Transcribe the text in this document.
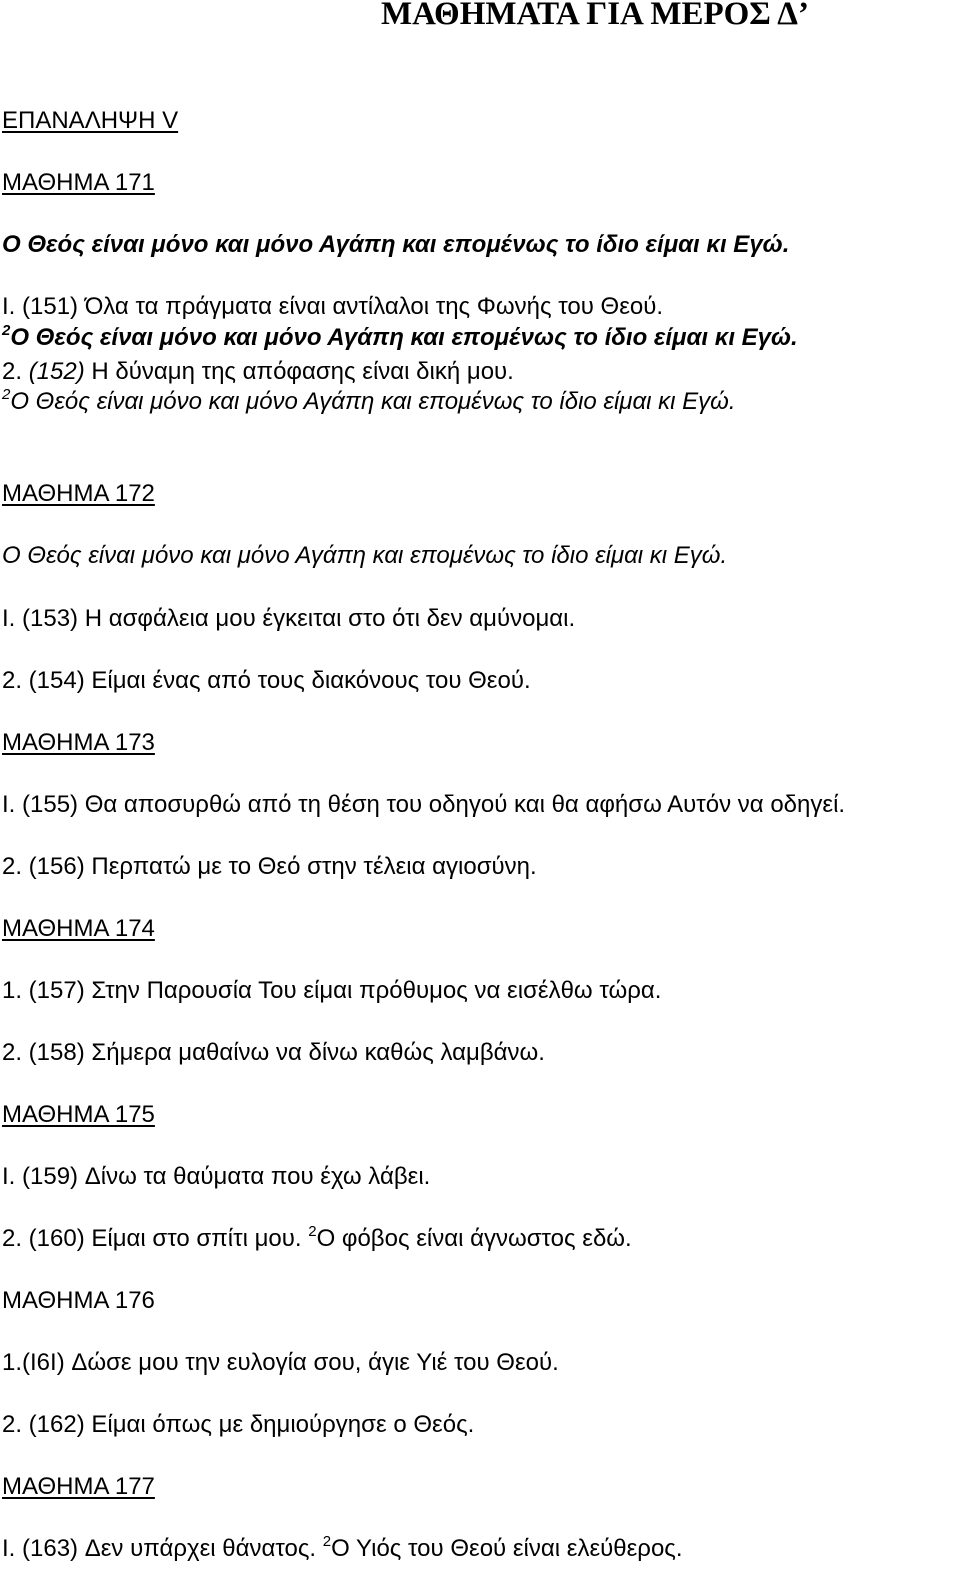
ΜΑΘΗΜΑΤΑ ΓΙΑ ΜΕΡΟΣ Δ’
ΕΠΑΝΑΛΗΨΗ V
ΜΑΘΗΜΑ 171
Ο Θεός είναι μόνο και μόνο Αγάπη και επομένως το ίδιο είμαι κι Εγώ.
I. (151) Όλα τα πράγματα είναι αντίλαλοι της Φωνής του Θεού.
$^2$Ο Θεός είναι μόνο και μόνο Αγάπη και επομένως το ίδιο είμαι κι Εγώ.
2. (152) Η δύναμη της απόφασης είναι δική μου.
$^2$Ο Θεός είναι μόνο και μόνο Αγάπη και επομένως το ίδιο είμαι κι Εγώ.
ΜΑΘΗΜΑ 172
Ο Θεός είναι μόνο και μόνο Αγάπη και επομένως το ίδιο είμαι κι Εγώ.
I. (153) Η ασφάλεια μου έγκειται στο ότι δεν αμύνομαι.
2. (154) Είμαι ένας από τους διακόνους του Θεού.
ΜΑΘΗΜΑ 173
I. (155) Θα αποσυρθώ από τη θέση του οδηγού και θα αφήσω Αυτόν να οδηγεί.
2. (156) Περπατώ με το Θεό στην τέλεια αγιοσύνη.
ΜΑΘΗΜΑ 174
1. (157) Στην Παρουσία Του είμαι πρόθυμος να εισέλθω τώρα.
2. (158) Σήμερα μαθαίνω να δίνω καθώς λαμβάνω.
ΜΑΘΗΜΑ 175
I. (159) Δίνω τα θαύματα που έχω λάβει.
2. (160) Είμαι στο σπίτι μου. $^2$Ο φόβος είναι άγνωστος εδώ.
ΜΑΘΗΜΑ 176
1.(I6I) Δώσε μου την ευλογία σου, άγιε Υιέ του Θεού.
2. (162) Είμαι όπως με δημιούργησε ο Θεός.
ΜΑΘΗΜΑ 177
I. (163) Δεν υπάρχει θάνατος. $^2$Ο Υιός του Θεού είναι ελεύθερος.
